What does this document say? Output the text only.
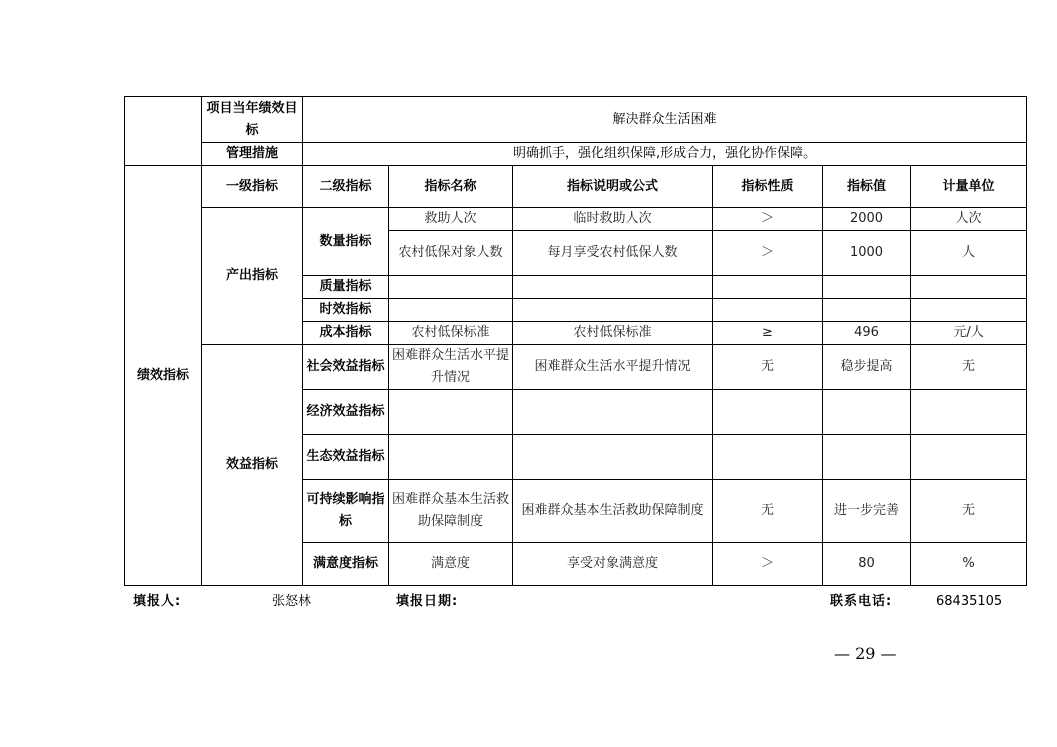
	项目当年绩效目标	解决群众生活困难					
	管理措施	明确抓手，强化组织保障,形成合力，强化协作保障。					
绩效指标	一级指标	二级指标	指标名称	指标说明或公式	指标性质	指标值	计量单位
	产出指标	数量指标	救助人次	临时救助人次	＞	2000	人次
			农村低保对象人数	每月享受农村低保人数	＞	1000	人
		质量指标					
		时效指标					
		成本指标	农村低保标准	农村低保标准	≥	496	元/人
	效益指标	社会效益指标	困难群众生活水平提升情况	困难群众生活水平提升情况	无	稳步提高	无
		经济效益指标					
		生态效益指标					
		可持续影响指标	困难群众基本生活救助保障制度	困难群众基本生活救助保障制度	无	进一步完善	无
		满意度指标	满意度	享受对象满意度	＞	80	%
填报人:	张怒林	填报日期:	联系电话:	68435105
— 29 —
